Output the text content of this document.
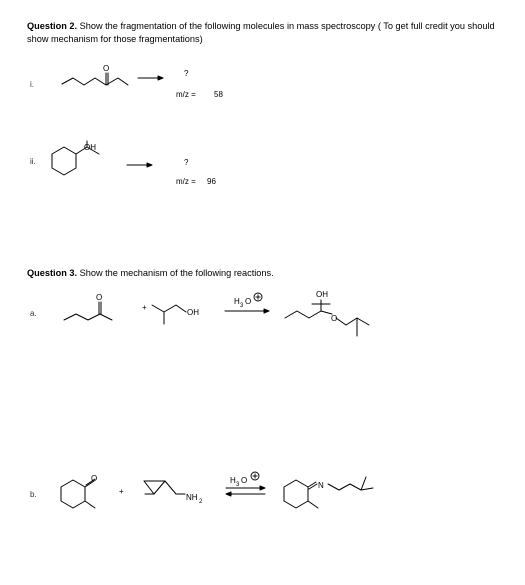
Question 2. Show the fragmentation of the following molecules in mass spectroscopy ( To get full credit you should show mechanism for those fragmentations)
i.
?
m/z = 58
ii.	?
m/z = 96
Question 3. Show the mechanism of the following reactions.
a.
+
b.	+
O
OH
O
OH
H 3 O
OH
O
O
NH 2
H 3 O
N
